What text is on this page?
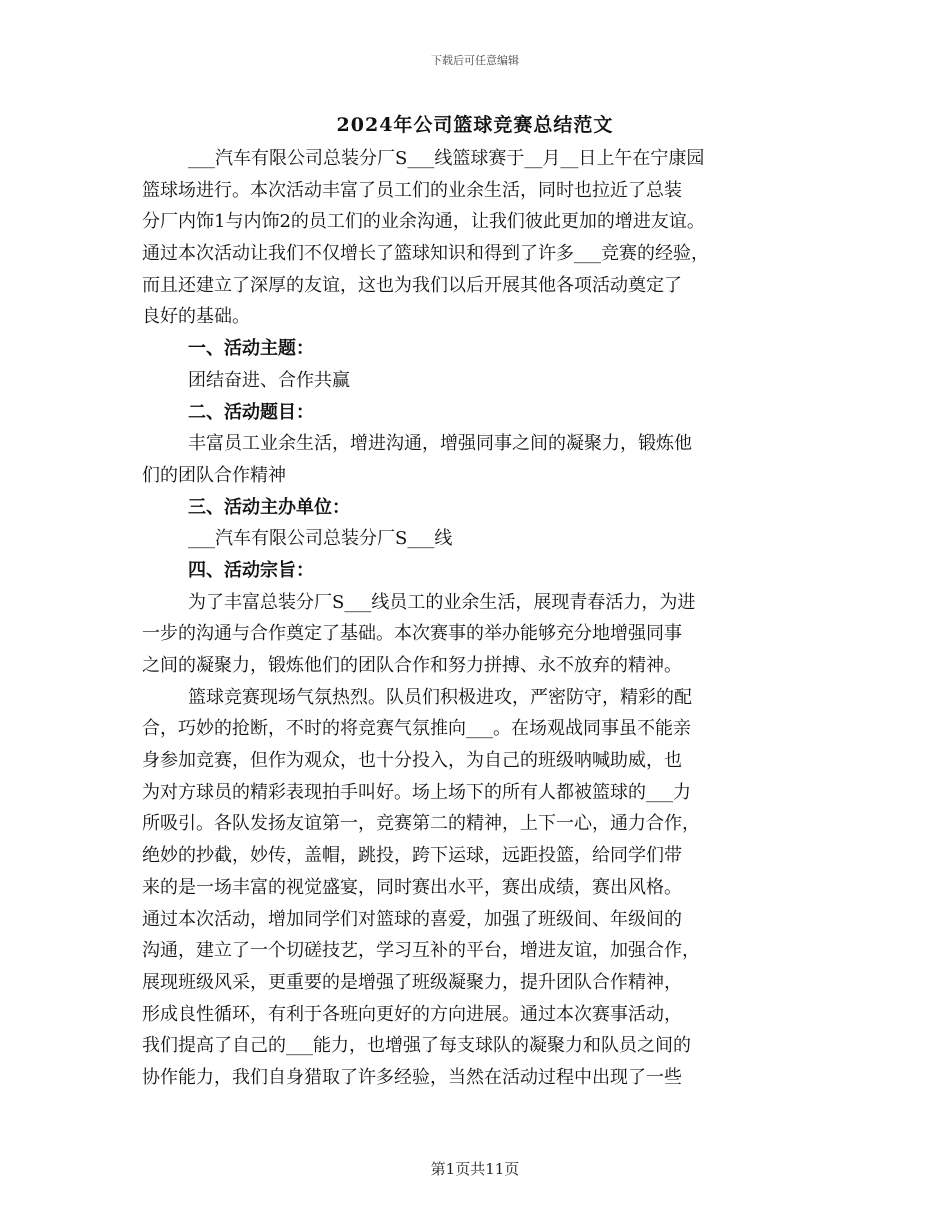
下载后可任意编辑
2024年公司篮球竞赛总结范文
___汽车有限公司总装分厂S___线篮球赛于__月__日上午在宁康园
篮球场进行。本次活动丰富了员工们的业余生活，同时也拉近了总装
分厂内饰1与内饰2的员工们的业余沟通，让我们彼此更加的增进友谊。
通过本次活动让我们不仅增长了篮球知识和得到了许多___竞赛的经验，
而且还建立了深厚的友谊，这也为我们以后开展其他各项活动奠定了
良好的基础。
一、活动主题：
团结奋进、合作共赢
二、活动题目：
丰富员工业余生活，增进沟通，增强同事之间的凝聚力，锻炼他
们的团队合作精神
三、活动主办单位：
___汽车有限公司总装分厂S___线
四、活动宗旨：
为了丰富总装分厂S___线员工的业余生活，展现青春活力，为进
一步的沟通与合作奠定了基础。本次赛事的举办能够充分地增强同事
之间的凝聚力，锻炼他们的团队合作和努力拼搏、永不放弃的精神。
篮球竞赛现场气氛热烈。队员们积极进攻，严密防守，精彩的配
合，巧妙的抢断，不时的将竞赛气氛推向___。在场观战同事虽不能亲
身参加竞赛，但作为观众，也十分投入，为自己的班级呐喊助威，也
为对方球员的精彩表现拍手叫好。场上场下的所有人都被篮球的___力
所吸引。各队发扬友谊第一，竞赛第二的精神，上下一心，通力合作，
绝妙的抄截，妙传，盖帽，跳投，跨下运球，远距投篮，给同学们带
来的是一场丰富的视觉盛宴，同时赛出水平，赛出成绩，赛出风格。
通过本次活动，增加同学们对篮球的喜爱，加强了班级间、年级间的
沟通，建立了一个切磋技艺，学习互补的平台，增进友谊，加强合作，
展现班级风采，更重要的是增强了班级凝聚力，提升团队合作精神，
形成良性循环，有利于各班向更好的方向进展。通过本次赛事活动，
我们提高了自己的___能力，也增强了每支球队的凝聚力和队员之间的
协作能力，我们自身猎取了许多经验，当然在活动过程中出现了一些
第1页共11页
